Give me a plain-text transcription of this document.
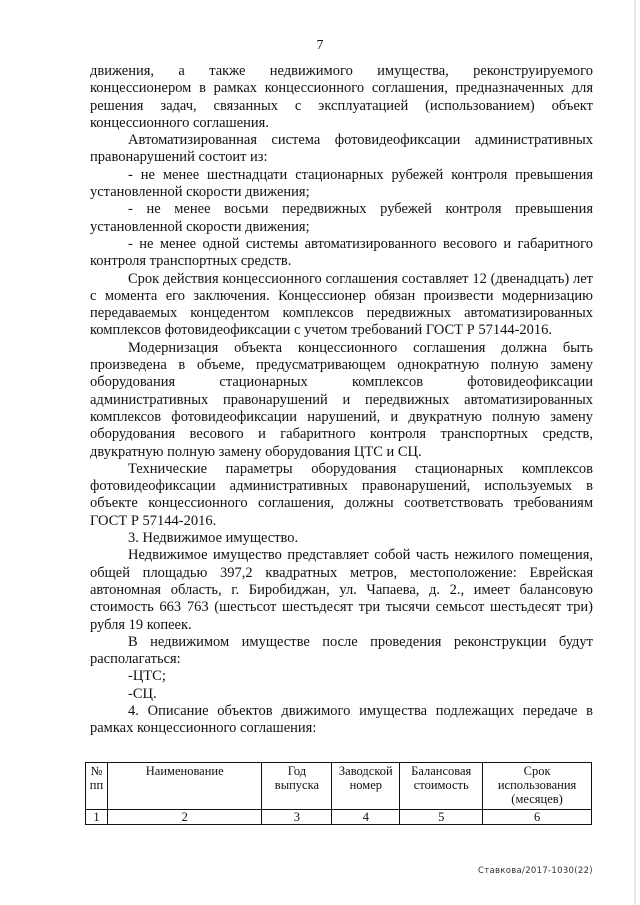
7

движения, а также недвижимого имущества, реконструируемого

концессионером в рамках концессионного соглашения, предназначенных для

решения задач, связанных с эксплуатацией (использованием) объект

концессионного соглашения.

Автоматизированная система фотовидеофиксации административных правонарушений состоит из:

- не менее шестнадцати стационарных рубежей контроля превышения установленной скорости движения;

- не менее восьми передвижных рубежей контроля превышения установленной скорости движения;

- не менее одной системы автоматизированного весового и габаритного контроля транспортных средств.

Срок действия концессионного соглашения составляет 12 (двенадцать) лет с момента его заключения. Концессионер обязан произвести модернизацию передаваемых концедентом комплексов передвижных автоматизированных комплексов фотовидеофиксации с учетом требований ГОСТ Р 57144-2016.

Модернизация объекта концессионного соглашения должна быть произведена в объеме, предусматривающем однократную полную замену оборудования стационарных комплексов фотовидеофиксации административных правонарушений и передвижных автоматизированных комплексов фотовидеофиксации нарушений, и двукратную полную замену оборудования весового и габаритного контроля транспортных средств, двукратную полную замену оборудования ЦТС и СЦ.

Технические параметры оборудования стационарных комплексов фотовидеофиксации административных правонарушений, используемых в объекте концессионного соглашения, должны соответствовать требованиям ГОСТ Р 57144-2016.

3. Недвижимое имущество.

Недвижимое имущество представляет собой часть нежилого помещения, общей площадью 397,2 квадратных метров, местоположение: Еврейская автономная область, г. Биробиджан, ул. Чапаева, д. 2., имеет балансовую стоимость 663 763 (шестьсот шестьдесят три тысячи семьсот шестьдесят три) рубля 19 копеек.

В недвижимом имуществе после проведения реконструкции будут располагаться:

-ЦТС;

-СЦ.

4. Описание объектов движимого имущества подлежащих передаче в рамках концессионного соглашения:

№ пп	Наименование	Год выпуска	Заводской номер	Балансовая стоимость	Срок использования (месяцев)
1	2	3	4	5	6
Ставкова/2017-1030(22)
